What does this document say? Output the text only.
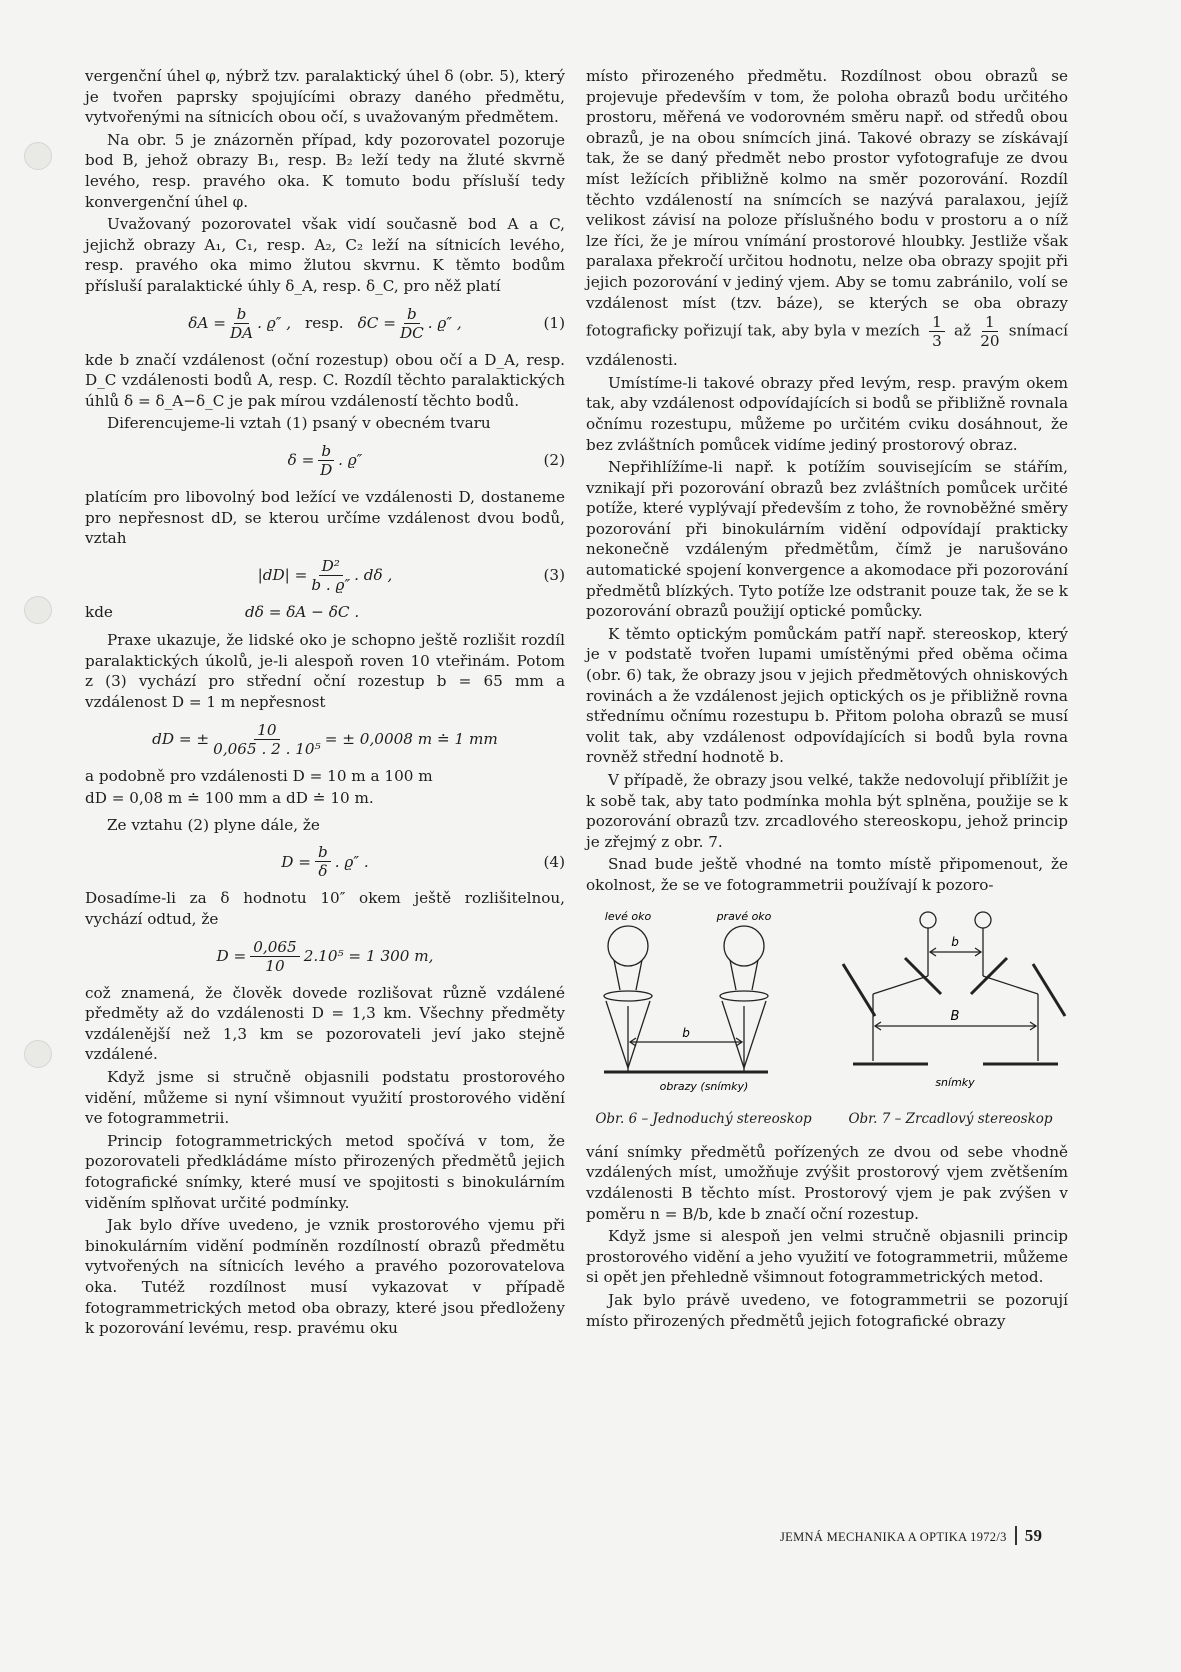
vergenční úhel φ, nýbrž tzv. paralaktický úhel δ (obr. 5), který je tvořen paprsky spojujícími obrazy daného předmětu, vytvořenými na sítnicích obou očí, s uvažovaným předmětem.

Na obr. 5 je znázorněn případ, kdy pozorovatel pozoruje bod B, jehož obrazy B₁, resp. B₂ leží tedy na žluté skvrně levého, resp. pravého oka. K tomuto bodu přísluší tedy konvergenční úhel φ.

Uvažovaný pozorovatel však vidí současně bod A a C, jejichž obrazy A₁, C₁, resp. A₂, C₂ leží na sítnicích levého, resp. pravého oka mimo žlutou skvrnu. K těmto bodům přísluší paralaktické úhly δ_A, resp. δ_C, pro něž platí

$\delta A = \frac{b}{DA}$ . ϱ″ , resp. $\delta C = \frac{b}{DC}$ . ϱ″ ,	(1)

kde b značí vzdálenost (oční rozestup) obou očí a D_A, resp. D_C vzdálenosti bodů A, resp. C. Rozdíl těchto paralaktických úhlů δ = δ_A−δ_C je pak mírou vzdáleností těchto bodů.

Diferencujeme-li vztah (1) psaný v obecném tvaru

$\delta = \frac{b}{D}$ . ϱ″	(2)

platícím pro libovolný bod ležící ve vzdálenosti D, dostaneme pro nepřesnost dD, se kterou určíme vzdálenost dvou bodů, vztah

$|dD| = \frac{\text{D²}}{b . ϱ''}$ . dδ ,	(3)
kde	dδ = δA − δC .

Praxe ukazuje, že lidské oko je schopno ještě rozlišit rozdíl paralaktických úkolů, je-li alespoň roven 10 vteřinám. Potom z (3) vychází pro střední oční rozestup b = 65 mm a vzdálenost D = 1 m nepřesnost

dD = ± $\frac{10}{\text{0,065 . 2 . 10⁵}}$ = ± 0,0008 m ≐ 1 mm

a podobně pro vzdálenosti D = 10 m a 100 m

dD = 0,08 m ≐ 100 mm a dD ≐ 10 m.

Ze vztahu (2) plyne dále, že

$D = \frac{b}{\delta}$ . ϱ″ .	(4)

Dosadíme-li za δ hodnotu 10″ okem ještě rozlišitelnou, vychází odtud, že

$D = \frac{0,065}{10} 2.10^5 = 1$ 300 m,

což znamená, že člověk dovede rozlišovat různě vzdálené předměty až do vzdálenosti D = 1,3 km. Všechny předměty vzdálenější než 1,3 km se pozorovateli jeví jako stejně vzdálené.

Když jsme si stručně objasnili podstatu prostorového vidění, můžeme si nyní všimnout využití prostorového vidění ve fotogrammetrii.

Princip fotogrammetrických metod spočívá v tom, že pozorovateli předkládáme místo přirozených předmětů jejich fotografické snímky, které musí ve spojitosti s binokulárním viděním splňovat určité podmínky.

Jak bylo dříve uvedeno, je vznik prostorového vjemu při binokulárním vidění podmíněn rozdílností obrazů předmětu vytvořených na sítnicích levého a pravého pozorovatelova oka. Tutéž rozdílnost musí vykazovat v případě fotogrammetrických metod oba obrazy, které jsou předloženy k pozorování levému, resp. pravému oku

místo přirozeného předmětu. Rozdílnost obou obrazů se projevuje především v tom, že poloha obrazů bodu určitého prostoru, měřená ve vodorovném směru např. od středů obou obrazů, je na obou snímcích jiná. Takové obrazy se získávají tak, že se daný předmět nebo prostor vyfotografuje ze dvou míst ležících přibližně kolmo na směr pozorování. Rozdíl těchto vzdáleností na snímcích se nazývá paralaxou, jejíž velikost závisí na poloze příslušného bodu v prostoru a o níž lze říci, že je mírou vnímání prostorové hloubky. Jestliže však paralaxa překročí určitou hodnotu, nelze oba obrazy spojit při jejich pozorování v jediný vjem. Aby se tomu zabránilo, volí se vzdálenost míst (tzv. báze), se kterých se oba obrazy fotograficky pořizují tak, aby byla v mezích $\frac{1}{3}$ až $\frac{1}{20}$ snímací vzdálenosti.

Umístíme-li takové obrazy před levým, resp. pravým okem tak, aby vzdálenost odpovídajících si bodů se přibližně rovnala očnímu rozestupu, můžeme po určitém cviku dosáhnout, že bez zvláštních pomůcek vidíme jediný prostorový obraz.

Nepřihlížíme-li např. k potížím souvisejícím se stářím, vznikají při pozorování obrazů bez zvláštních pomůcek určité potíže, které vyplývají především z toho, že rovnoběžné směry pozorování při binokulárním vidění odpovídají prakticky nekonečně vzdáleným předmětům, čímž je narušováno automatické spojení konvergence a akomodace při pozorování předmětů blízkých. Tyto potíže lze odstranit pouze tak, že se k pozorování obrazů použijí optické pomůcky.

K těmto optickým pomůckám patří např. stereoskop, který je v podstatě tvořen lupami umístěnými před oběma očima (obr. 6) tak, že obrazy jsou v jejich předmětových ohniskových rovinách a že vzdálenost jejich optických os je přibližně rovna střednímu očnímu rozestupu b. Přitom poloha obrazů se musí volit tak, aby vzdálenost odpovídajících si bodů byla rovna rovněž střední hodnotě b.

V případě, že obrazy jsou velké, takže nedovolují přiblížit je k sobě tak, aby tato podmínka mohla být splněna, použije se k pozorování obrazů tzv. zrcadlového stereoskopu, jehož princip je zřejmý z obr. 7.

Snad bude ještě vhodné na tomto místě připomenout, že okolnost, že se ve fotogrammetrii používají k pozoro-

levé oko	pravé oko
b
obrazy (snímky)
Obr. 6 – Jednoduchý stereoskop
b
B
snímky
Obr. 7 – Zrcadlový stereoskop

vání snímky předmětů pořízených ze dvou od sebe vhodně vzdálených míst, umožňuje zvýšit prostorový vjem zvětšením vzdálenosti B těchto míst. Prostorový vjem je pak zvýšen v poměru n = B/b, kde b značí oční rozestup.

Když jsme si alespoň jen velmi stručně objasnili princip prostorového vidění a jeho využití ve fotogrammetrii, můžeme si opět jen přehledně všimnout fotogrammetrických metod.

Jak bylo právě uvedeno, ve fotogrammetrii se pozorují místo přirozených předmětů jejich fotografické obrazy

JEMNÁ MECHANIKA A OPTIKA 1972/3 59
